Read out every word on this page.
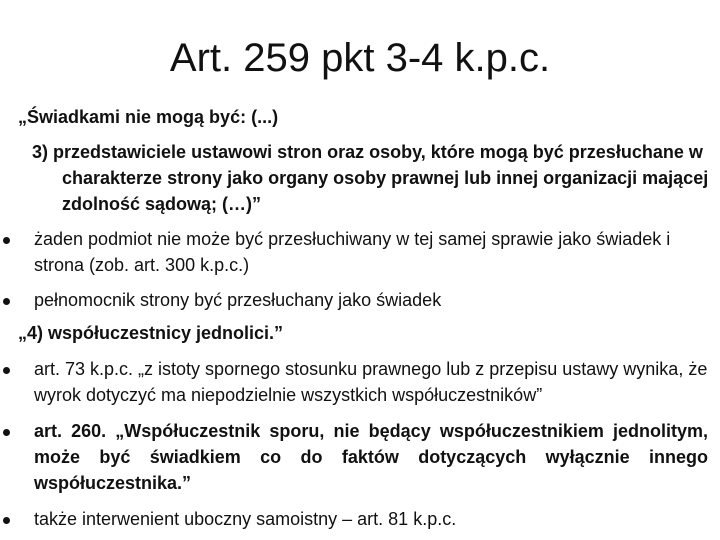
Art. 259 pkt 3-4 k.p.c.
„Świadkami nie mogą być: (...)
3) przedstawiciele ustawowi stron oraz osoby, które mogą być przesłuchane w charakterze strony jako organy osoby prawnej lub innej organizacji mającej zdolność sądową; (…)”
żaden podmiot nie może być przesłuchiwany w tej samej sprawie jako świadek i strona (zob. art. 300 k.p.c.)
pełnomocnik strony być przesłuchany jako świadek
„4) współuczestnicy jednolici.”
art. 73 k.p.c. „z istoty spornego stosunku prawnego lub z przepisu ustawy wynika, że wyrok dotyczyć ma niepodzielnie wszystkich współuczestników”
art. 260. „Współuczestnik sporu, nie będący współuczestnikiem jednolitym, może być świadkiem co do faktów dotyczących wyłącznie innego współuczestnika.”
także interwenient uboczny samoistny – art. 81 k.p.c.
